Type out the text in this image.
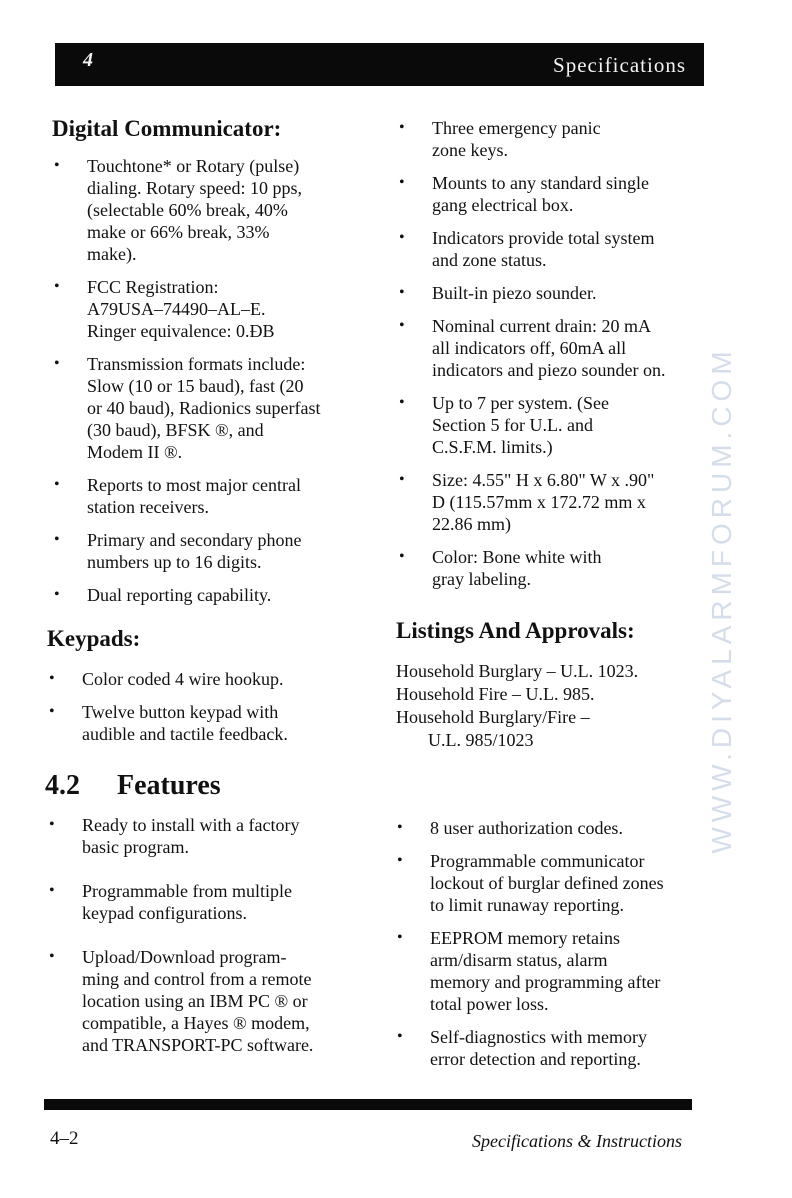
4	Specifications
Digital Communicator:
• Touchtone* or Rotary (pulse)
dialing. Rotary speed: 10 pps,
(selectable 60% break, 40%
make or 66% break, 33%
make).
• FCC Registration:
A79USA–74490–AL–E.
Ringer equivalence: 0.ÐB
• Transmission formats include:
Slow (10 or 15 baud), fast (20
or 40 baud), Radionics superfast
(30 baud), BFSK ®, and
Modem II ®.
• Reports to most major central
station receivers.
• Primary and secondary phone
numbers up to 16 digits.
• Dual reporting capability.
Keypads:
• Color coded 4 wire hookup.
• Twelve button keypad with
audible and tactile feedback.
• Three emergency panic
zone keys.
• Mounts to any standard single
gang electrical box.
• Indicators provide total system
and zone status.
• Built-in piezo sounder.
• Nominal current drain: 20 mA
all indicators off, 60mA all
indicators and piezo sounder on.
• Up to 7 per system. (See
Section 5 for U.L. and
C.S.F.M. limits.)
• Size: 4.55" H x 6.80" W x .90"
D (115.57mm x 172.72 mm x
22.86 mm)
• Color: Bone white with
gray labeling.
Listings And Approvals:

Household Burglary – U.L. 1023.

Household Fire – U.L. 985.

Household Burglary/Fire –

U.L. 985/1023

4.2 Features
• Ready to install with a factory
basic program.
• Programmable from multiple
keypad configurations.
• Upload/Download program-
ming and control from a remote
location using an IBM PC ® or
compatible, a Hayes ® modem,
and TRANSPORT-PC software.
• 8 user authorization codes.
• Programmable communicator
lockout of burglar defined zones
to limit runaway reporting.
• EEPROM memory retains
arm/disarm status, alarm
memory and programming after
total power loss.
• Self-diagnostics with memory
error detection and reporting.
4–2	Specifications & Instructions
WWW.DIYALARMFORUM.COM
